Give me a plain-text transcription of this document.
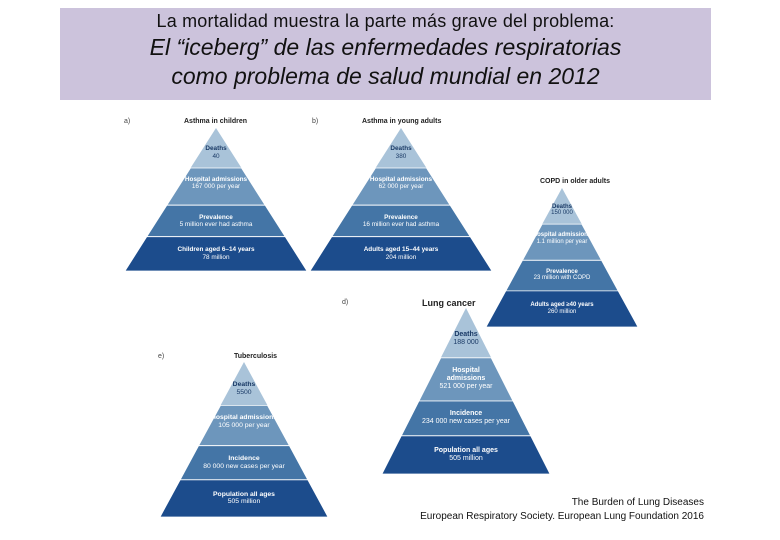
La mortalidad muestra la parte más grave del problema:
El “iceberg” de las enfermedades respiratorias
como problema de salud mundial en 2012
a)	Asthma in children	b)	Asthma in young adults
COPD in older adults
d)	Lung cancer
e)	Tuberculosis
Deaths
40
Hospital admissions
167 000 per year
Prevalence
5 million ever had asthma
Children aged 6–14 years
78 million
Deaths
380
Hospital admissions
62 000 per year
Prevalence
16 million ever had asthma
Adults aged 15–44 years
204 million
Deaths
150 000
Hospital admissions
1.1 million per year
Prevalence
23 million with COPD
Adults aged ≥40 years
260 million
Deaths
188 000
Hospital admissions
521 000 per year
Incidence
234 000 new cases per year
Population all ages
505 million
Deaths
5500
Hospital admissions
105 000 per year
Incidence
80 000 new cases per year
Population all ages
505 million	The Burden of Lung Diseases
European Respiratory Society. European Lung Foundation 2016
